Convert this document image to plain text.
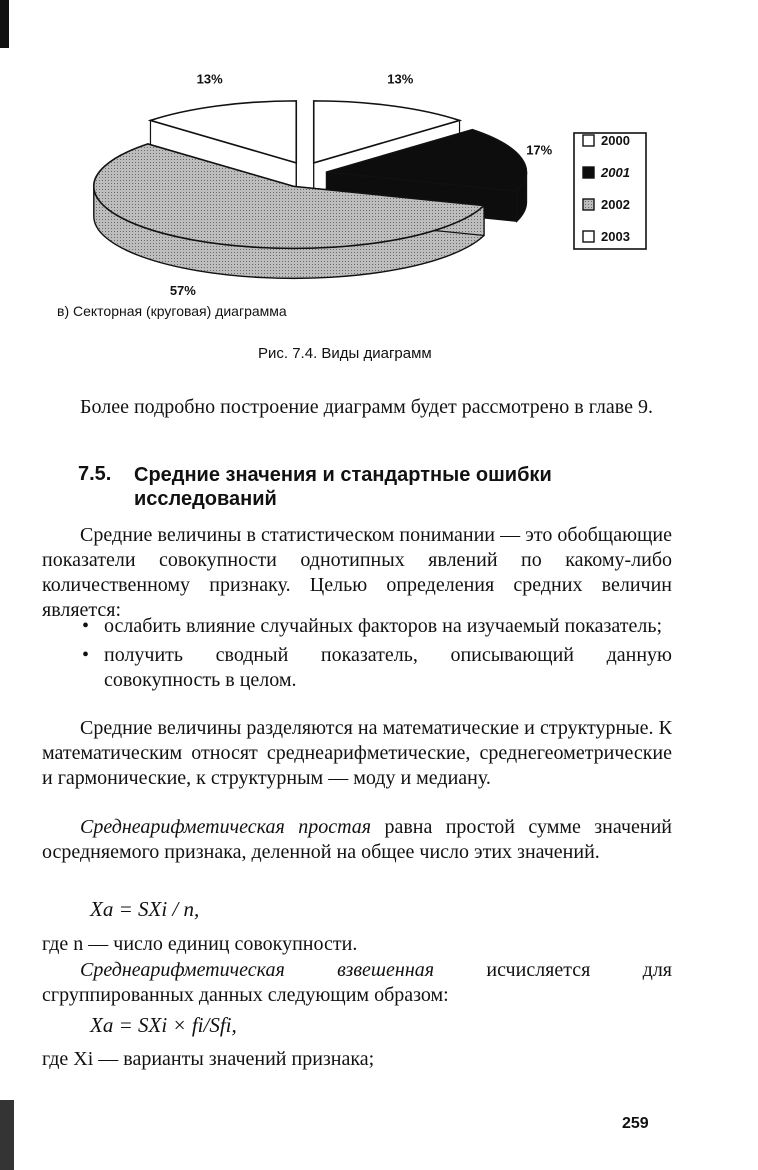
13%
17%
57%
13%
2000
2001
2002
2003

в) Секторная (круговая) диаграмма

Рис. 7.4. Виды диаграмм

Более подробно построение диаграмм будет рассмотрено в главе 9.

7.5. Средние значения и стандартные ошибки исследований

Средние величины в статистическом понимании — это обобщающие показатели совокупности однотипных явлений по какому-либо количественному признаку. Целью определения средних величин является:

• ослабить влияние случайных факторов на изучаемый показатель;
• получить сводный показатель, описывающий данную совокупность в целом.

Средние величины разделяются на математические и структурные. К математическим относят среднеарифметические, среднегеометрические и гармонические, к структурным — моду и медиану.

Среднеарифметическая простая равна простой сумме значений осредняемого признака, деленной на общее число этих значений.

Xa = SXi / n,

где n — число единиц совокупности.

Среднеарифметическая взвешенная исчисляется для сгруппированных данных следующим образом:

Xa = SXi × fi/Sfi,

где Xi — варианты значений признака;

259
